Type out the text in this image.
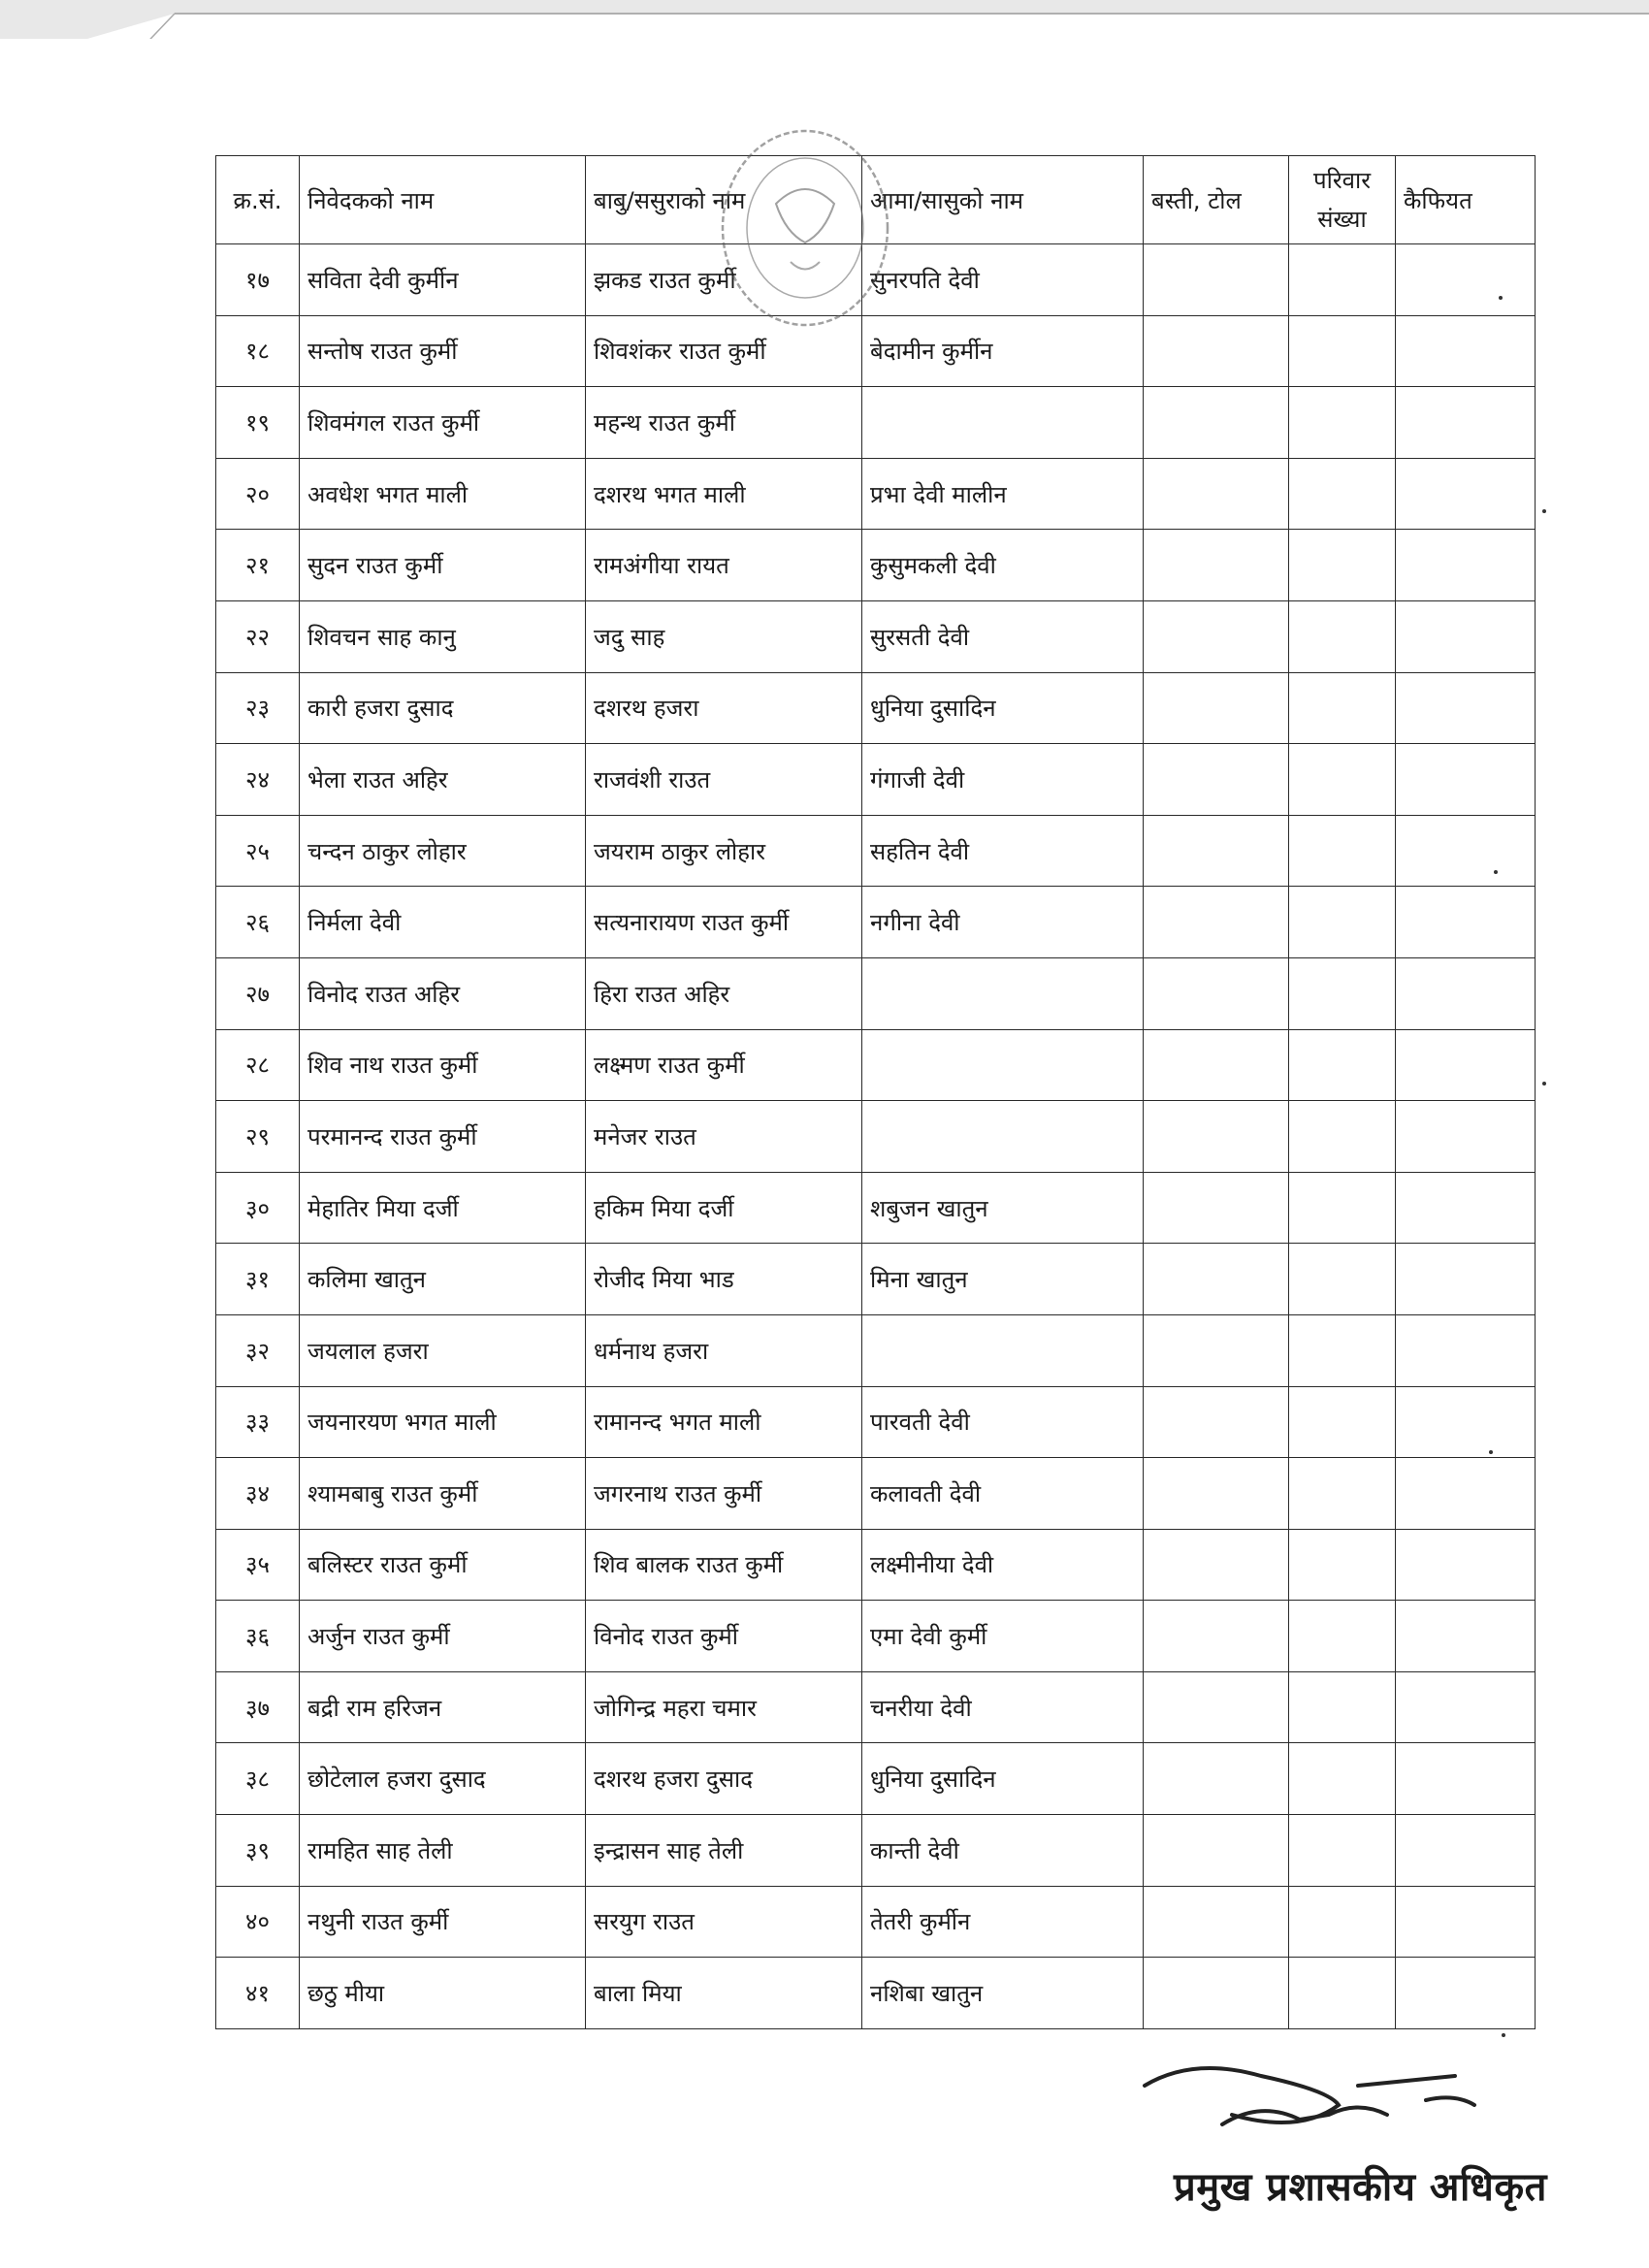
क्र.सं.	निवेदकको नाम	बाबु/ससुराको नाम	आमा/सासुको नाम	बस्ती, टोल	परिवार संख्या	कैफियत
१७	सविता देवी कुर्मीन	झकड राउत कुर्मी	सुनरपति देवी			
१८	सन्तोष राउत कुर्मी	शिवशंकर राउत कुर्मी	बेदामीन कुर्मीन			
१९	शिवमंगल राउत कुर्मी	महन्थ राउत कुर्मी				
२०	अवधेश भगत माली	दशरथ भगत माली	प्रभा देवी मालीन			
२१	सुदन राउत कुर्मी	रामअंगीया रायत	कुसुमकली देवी			
२२	शिवचन साह कानु	जदु साह	सुरसती देवी			
२३	कारी हजरा दुसाद	दशरथ हजरा	धुनिया दुसादिन			
२४	भेला राउत अहिर	राजवंशी राउत	गंगाजी देवी			
२५	चन्दन ठाकुर लोहार	जयराम ठाकुर लोहार	सहतिन देवी			
२६	निर्मला देवी	सत्यनारायण राउत कुर्मी	नगीना देवी			
२७	विनोद राउत अहिर	हिरा राउत अहिर				
२८	शिव नाथ राउत कुर्मी	लक्ष्मण राउत कुर्मी				
२९	परमानन्द राउत कुर्मी	मनेजर राउत				
३०	मेहातिर मिया दर्जी	हकिम मिया दर्जी	शबुजन खातुन			
३१	कलिमा खातुन	रोजीद मिया भाड	मिना खातुन			
३२	जयलाल हजरा	धर्मनाथ हजरा				
३३	जयनारयण भगत माली	रामानन्द भगत माली	पारवती देवी			
३४	श्यामबाबु राउत कुर्मी	जगरनाथ राउत कुर्मी	कलावती देवी			
३५	बलिस्टर राउत कुर्मी	शिव बालक राउत कुर्मी	लक्ष्मीनीया देवी			
३६	अर्जुन राउत कुर्मी	विनोद राउत कुर्मी	एमा देवी कुर्मी			
३७	बद्री राम हरिजन	जोगिन्द्र महरा चमार	चनरीया देवी			
३८	छोटेलाल हजरा दुसाद	दशरथ हजरा दुसाद	धुनिया दुसादिन			
३९	रामहित साह तेली	इन्द्रासन साह तेली	कान्ती देवी			
४०	नथुनी राउत कुर्मी	सरयुग राउत	तेतरी कुर्मीन			
४१	छठु मीया	बाला मिया	नशिबा खातुन			
प्रमुख प्रशासकीय अधिकृत
